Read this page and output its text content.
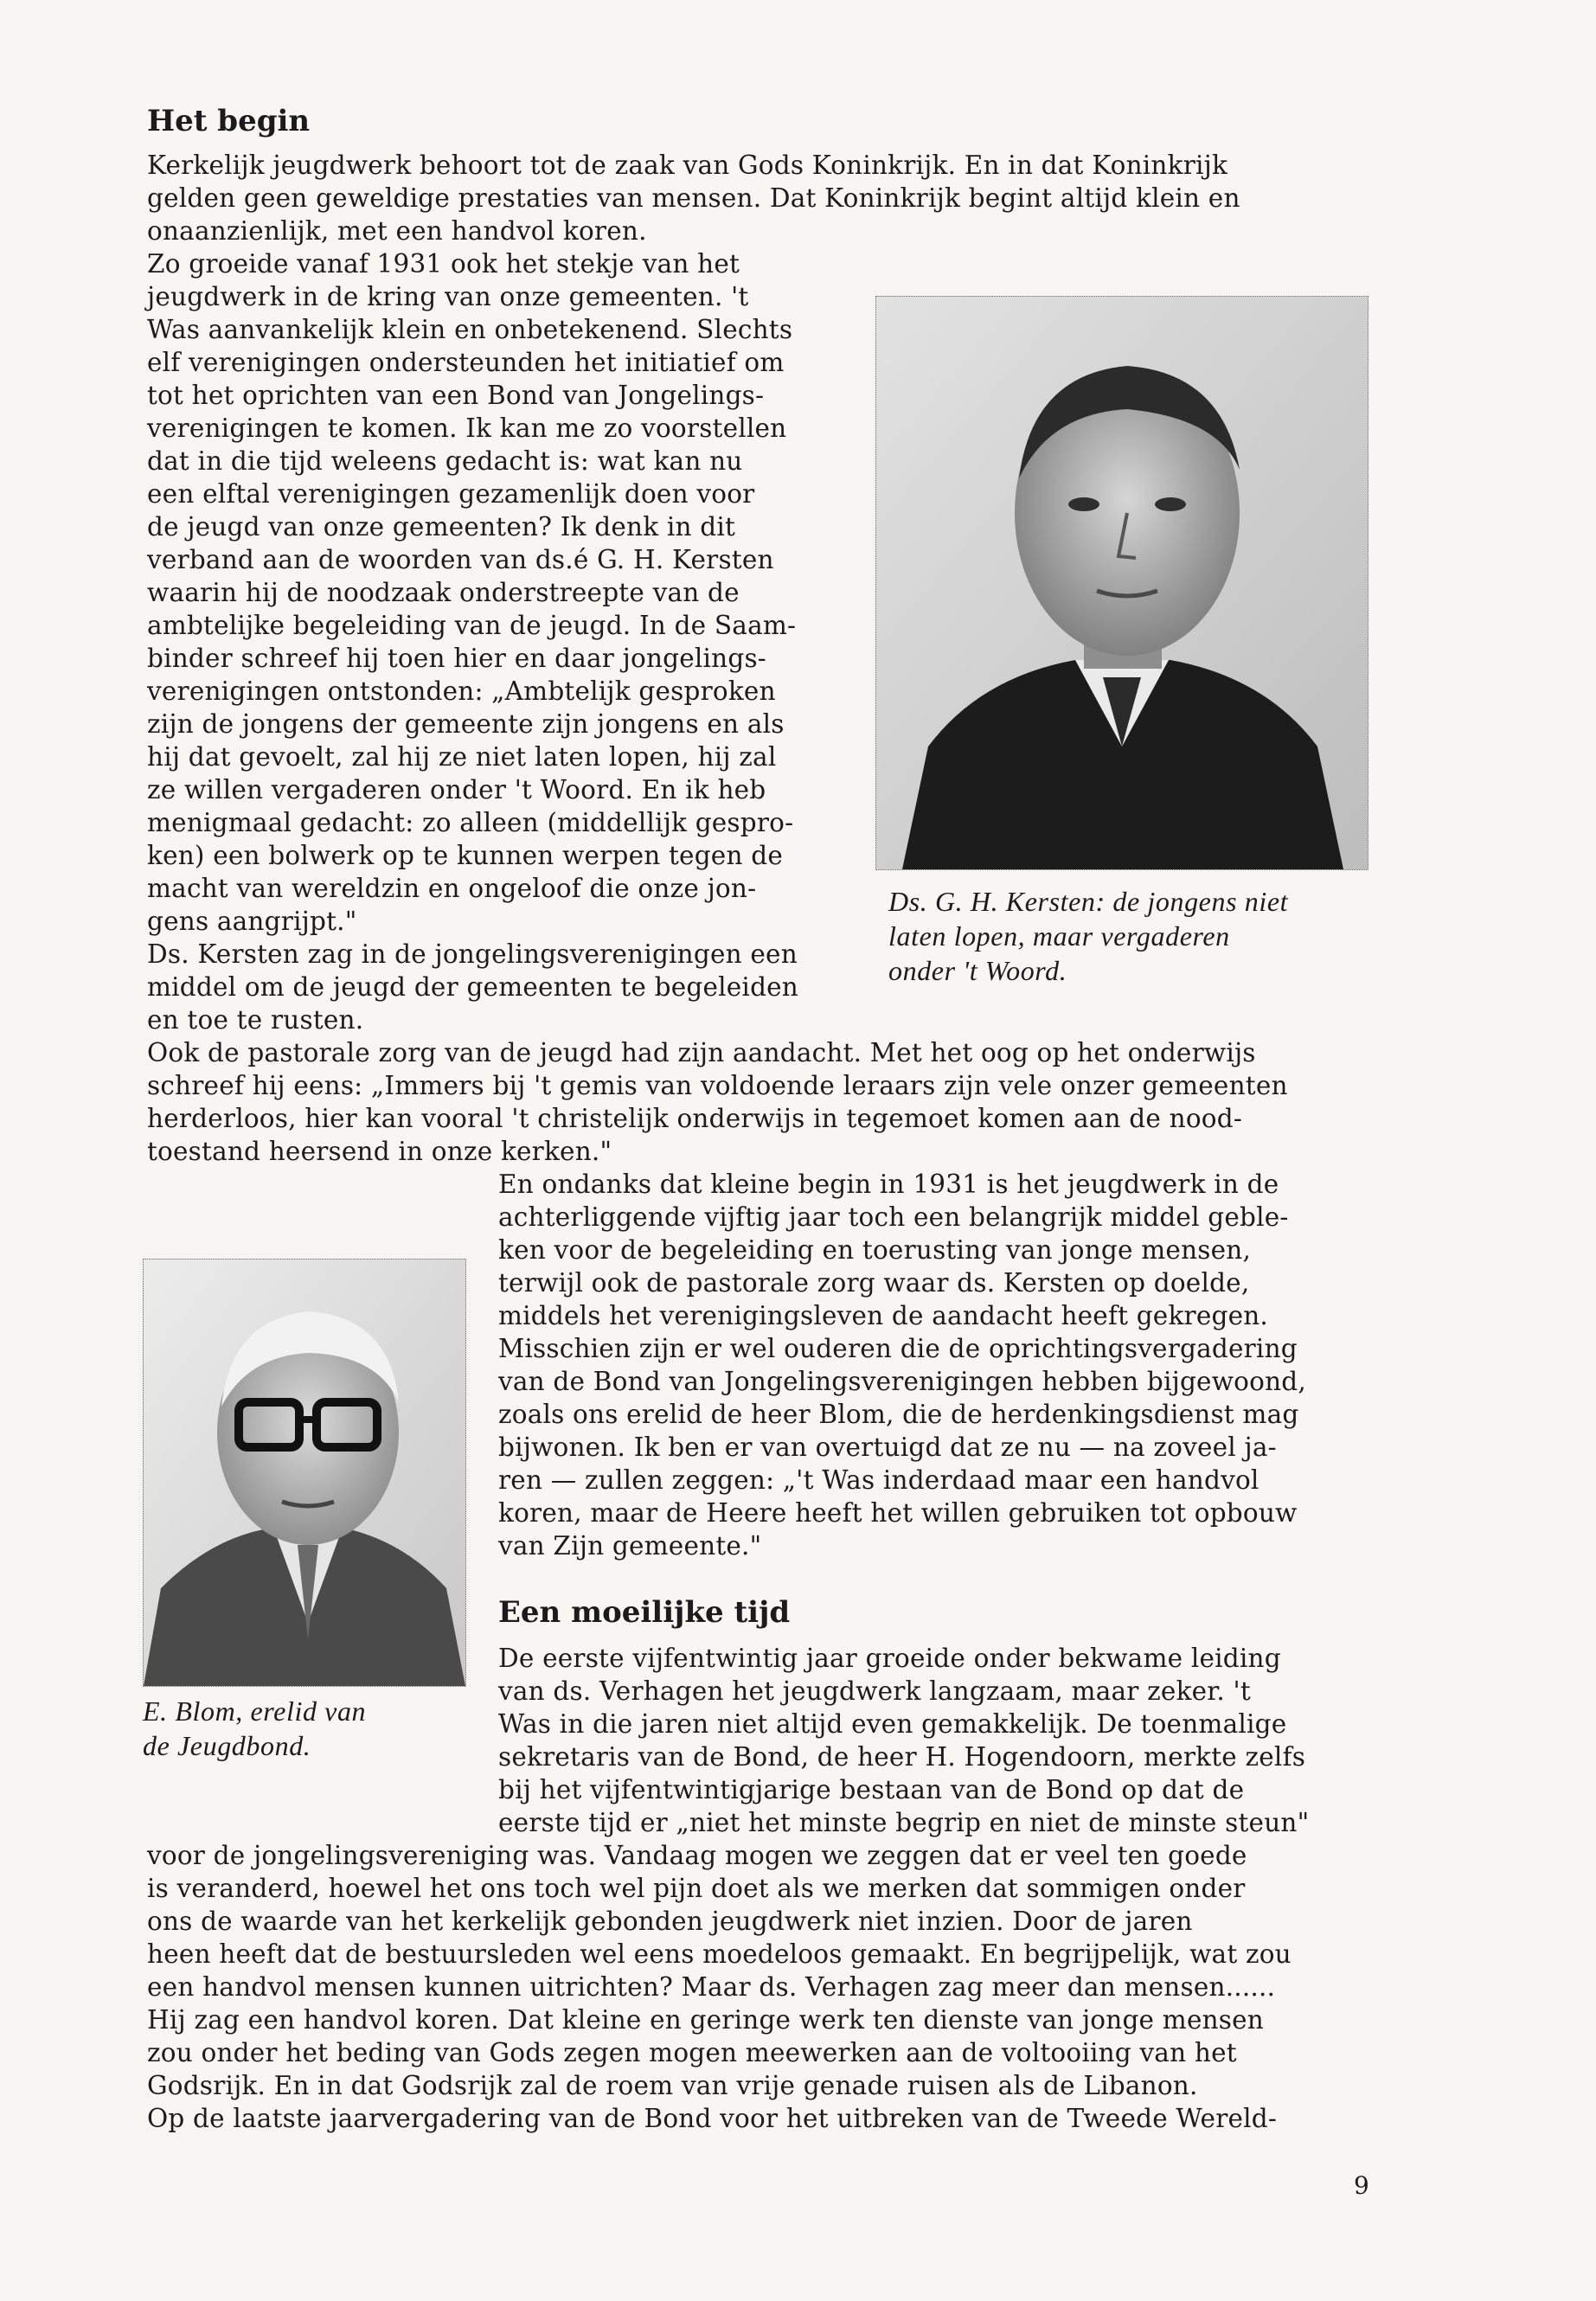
Het begin
Kerkelijk jeugdwerk behoort tot de zaak van Gods Koninkrijk. En in dat Koninkrijk
gelden geen geweldige prestaties van mensen. Dat Koninkrijk begint altijd klein en
onaanzienlijk, met een handvol koren.
Zo groeide vanaf 1931 ook het stekje van het
jeugdwerk in de kring van onze gemeenten. 't
Was aanvankelijk klein en onbetekenend. Slechts
elf verenigingen ondersteunden het initiatief om
tot het oprichten van een Bond van Jongelings-
verenigingen te komen. Ik kan me zo voorstellen
dat in die tijd weleens gedacht is: wat kan nu
een elftal verenigingen gezamenlijk doen voor
de jeugd van onze gemeenten? Ik denk in dit
verband aan de woorden van ds.é G. H. Kersten
waarin hij de noodzaak onderstreepte van de
ambtelijke begeleiding van de jeugd. In de Saam-
binder schreef hij toen hier en daar jongelings-
verenigingen ontstonden: „Ambtelijk gesproken
zijn de jongens der gemeente zijn jongens en als
hij dat gevoelt, zal hij ze niet laten lopen, hij zal
ze willen vergaderen onder 't Woord. En ik heb
menigmaal gedacht: zo alleen (middellijk gespro-
ken) een bolwerk op te kunnen werpen tegen de
macht van wereldzin en ongeloof die onze jon-
gens aangrijpt."
Ds. Kersten zag in de jongelingsverenigingen een
middel om de jeugd der gemeenten te begeleiden
en toe te rusten.
Ook de pastorale zorg van de jeugd had zijn aandacht. Met het oog op het onderwijs
schreef hij eens: „Immers bij 't gemis van voldoende leraars zijn vele onzer gemeenten
herderloos, hier kan vooral 't christelijk onderwijs in tegemoet komen aan de nood-
toestand heersend in onze kerken."
En ondanks dat kleine begin in 1931 is het jeugdwerk in de
achterliggende vijftig jaar toch een belangrijk middel geble-
ken voor de begeleiding en toerusting van jonge mensen,
terwijl ook de pastorale zorg waar ds. Kersten op doelde,
middels het verenigingsleven de aandacht heeft gekregen.
Misschien zijn er wel ouderen die de oprichtingsvergadering
van de Bond van Jongelingsverenigingen hebben bijgewoond,
zoals ons erelid de heer Blom, die de herdenkingsdienst mag
bijwonen. Ik ben er van overtuigd dat ze nu — na zoveel ja-
ren — zullen zeggen: „'t Was inderdaad maar een handvol
koren, maar de Heere heeft het willen gebruiken tot opbouw
van Zijn gemeente."
Ds. G. H. Kersten: de jongens niet
laten lopen, maar vergaderen
onder 't Woord.
E. Blom, erelid van
de Jeugdbond.
Een moeilijke tijd
De eerste vijfentwintig jaar groeide onder bekwame leiding
van ds. Verhagen het jeugdwerk langzaam, maar zeker. 't
Was in die jaren niet altijd even gemakkelijk. De toenmalige
sekretaris van de Bond, de heer H. Hogendoorn, merkte zelfs
bij het vijfentwintigjarige bestaan van de Bond op dat de
eerste tijd er „niet het minste begrip en niet de minste steun"
voor de jongelingsvereniging was. Vandaag mogen we zeggen dat er veel ten goede
is veranderd, hoewel het ons toch wel pijn doet als we merken dat sommigen onder
ons de waarde van het kerkelijk gebonden jeugdwerk niet inzien. Door de jaren
heen heeft dat de bestuursleden wel eens moedeloos gemaakt. En begrijpelijk, wat zou
een handvol mensen kunnen uitrichten? Maar ds. Verhagen zag meer dan mensen......
Hij zag een handvol koren. Dat kleine en geringe werk ten dienste van jonge mensen
zou onder het beding van Gods zegen mogen meewerken aan de voltooiing van het
Godsrijk. En in dat Godsrijk zal de roem van vrije genade ruisen als de Libanon.
Op de laatste jaarvergadering van de Bond voor het uitbreken van de Tweede Wereld-
9
